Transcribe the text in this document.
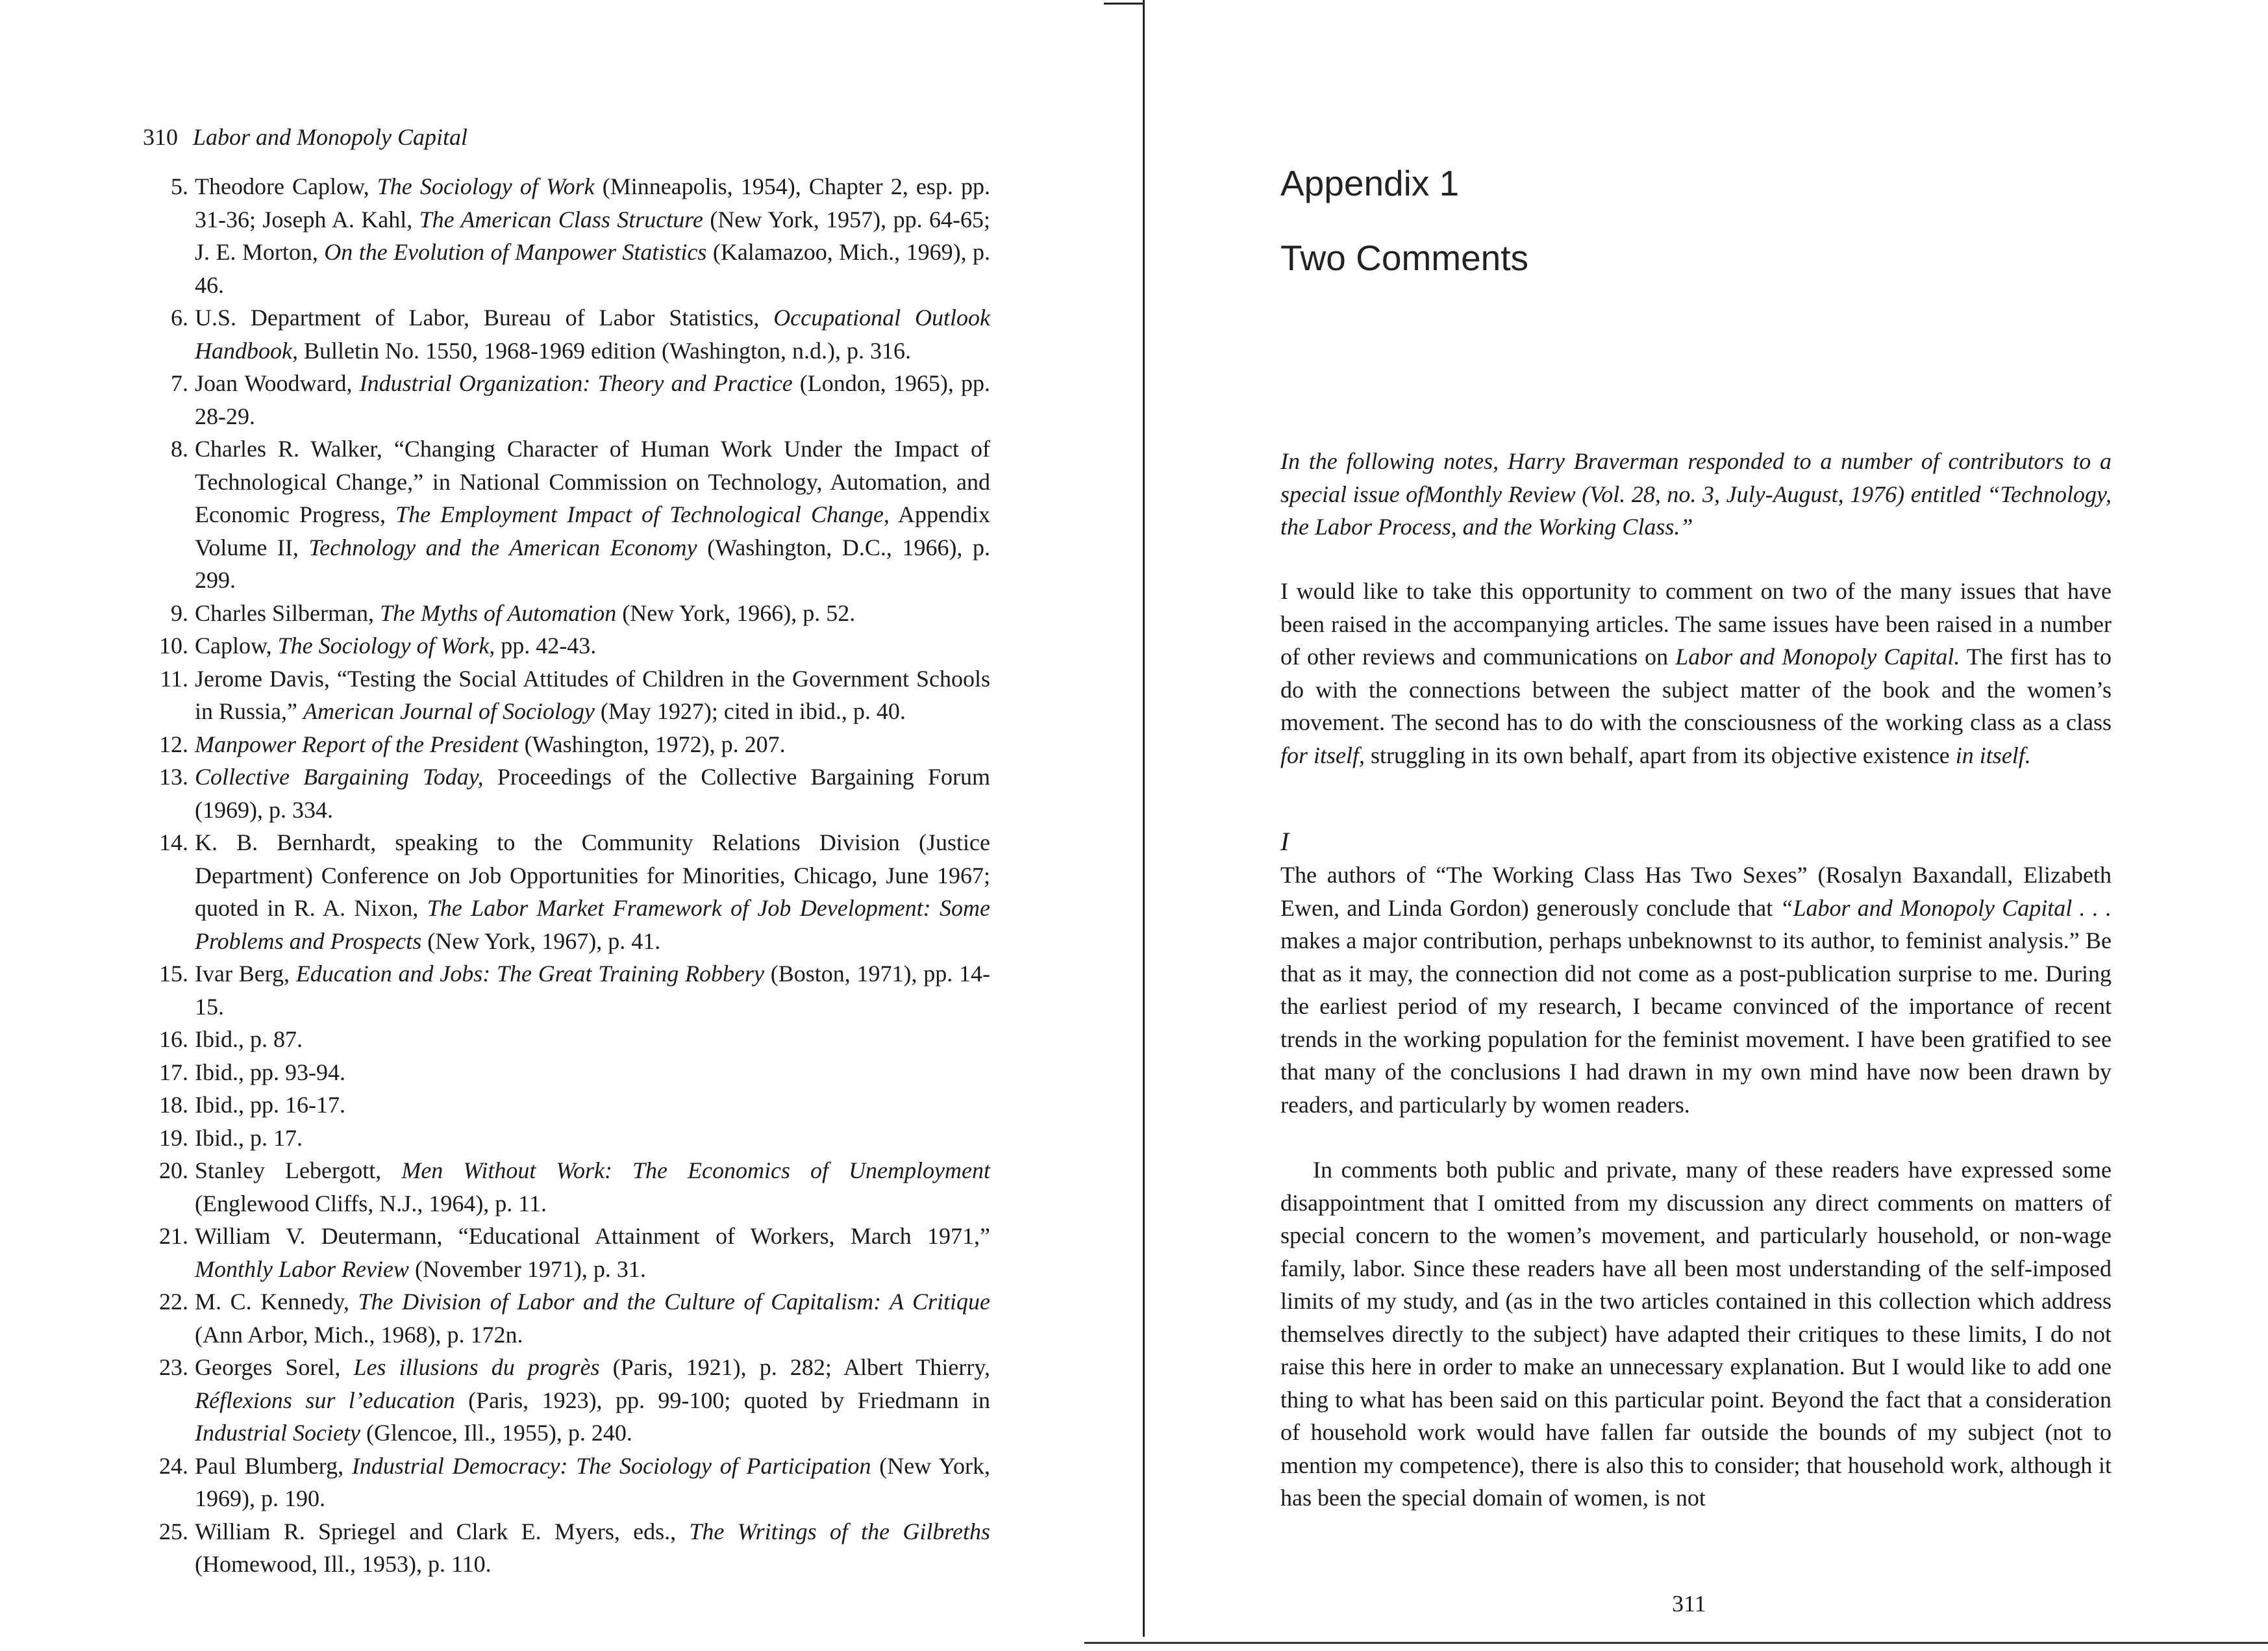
310 Labor and Monopoly Capital
5. Theodore Caplow, The Sociology of Work (Minneapolis, 1954), Chapter 2, esp. pp. 31-36; Joseph A. Kahl, The American Class Structure (New York, 1957), pp. 64-65; J. E. Morton, On the Evolution of Manpower Statistics (Kalamazoo, Mich., 1969), p. 46.
6. U.S. Department of Labor, Bureau of Labor Statistics, Occupational Outlook Handbook, Bulletin No. 1550, 1968-1969 edition (Washington, n.d.), p. 316.
7. Joan Woodward, Industrial Organization: Theory and Practice (London, 1965), pp. 28-29.
8. Charles R. Walker, “Changing Character of Human Work Under the Impact of Technological Change,” in National Commission on Technology, Automation, and Economic Progress, The Employment Impact of Technological Change, Appendix Volume II, Technology and the American Economy (Washington, D.C., 1966), p. 299.
9. Charles Silberman, The Myths of Automation (New York, 1966), p. 52.
10. Caplow, The Sociology of Work, pp. 42-43.
11. Jerome Davis, “Testing the Social Attitudes of Children in the Government Schools in Russia,” American Journal of Sociology (May 1927); cited in ibid., p. 40.
12. Manpower Report of the President (Washington, 1972), p. 207.
13. Collective Bargaining Today, Proceedings of the Collective Bargaining Forum (1969), p. 334.
14. K. B. Bernhardt, speaking to the Community Relations Division (Justice Department) Conference on Job Opportunities for Minorities, Chicago, June 1967; quoted in R. A. Nixon, The Labor Market Framework of Job Development: Some Problems and Prospects (New York, 1967), p. 41.
15. Ivar Berg, Education and Jobs: The Great Training Robbery (Boston, 1971), pp. 14-15.
16. Ibid., p. 87.
17. Ibid., pp. 93-94.
18. Ibid., pp. 16-17.
19. Ibid., p. 17.
20. Stanley Lebergott, Men Without Work: The Economics of Unemployment (Englewood Cliffs, N.J., 1964), p. 11.
21. William V. Deutermann, “Educational Attainment of Workers, March 1971,” Monthly Labor Review (November 1971), p. 31.
22. M. C. Kennedy, The Division of Labor and the Culture of Capitalism: A Critique (Ann Arbor, Mich., 1968), p. 172n.
23. Georges Sorel, Les illusions du progrès (Paris, 1921), p. 282; Albert Thierry, Réflexions sur l’education (Paris, 1923), pp. 99-100; quoted by Friedmann in Industrial Society (Glencoe, Ill., 1955), p. 240.
24. Paul Blumberg, Industrial Democracy: The Sociology of Participation (New York, 1969), p. 190.
25. William R. Spriegel and Clark E. Myers, eds., The Writings of the Gilbreths (Homewood, Ill., 1953), p. 110.
Appendix 1
Two Comments

In the following notes, Harry Braverman responded to a number of contributors to a special issue ofMonthly Review (Vol. 28, no. 3, July-August, 1976) entitled “Technology, the Labor Process, and the Working Class.”

I would like to take this opportunity to comment on two of the many issues that have been raised in the accompanying articles. The same issues have been raised in a number of other reviews and communications on Labor and Monopoly Capital. The first has to do with the connections between the subject matter of the book and the women’s movement. The second has to do with the consciousness of the working class as a class for itself, struggling in its own behalf, apart from its objective existence in itself.

I

The authors of “The Working Class Has Two Sexes” (Rosalyn Baxandall, Elizabeth Ewen, and Linda Gordon) generously conclude that “Labor and Monopoly Capital . . . makes a major contribution, perhaps unbeknownst to its author, to feminist analysis.” Be that as it may, the connection did not come as a post-publication surprise to me. During the earliest period of my research, I became convinced of the importance of recent trends in the working population for the feminist movement. I have been gratified to see that many of the conclusions I had drawn in my own mind have now been drawn by readers, and particularly by women readers.

In comments both public and private, many of these readers have expressed some disappointment that I omitted from my discussion any direct comments on matters of special concern to the women’s movement, and particularly household, or non-wage family, labor. Since these readers have all been most understanding of the self-imposed limits of my study, and (as in the two articles contained in this collection which address themselves directly to the subject) have adapted their critiques to these limits, I do not raise this here in order to make an unnecessary explanation. But I would like to add one thing to what has been said on this particular point. Beyond the fact that a consideration of household work would have fallen far outside the bounds of my subject (not to mention my competence), there is also this to consider; that household work, although it has been the special domain of women, is not

311
